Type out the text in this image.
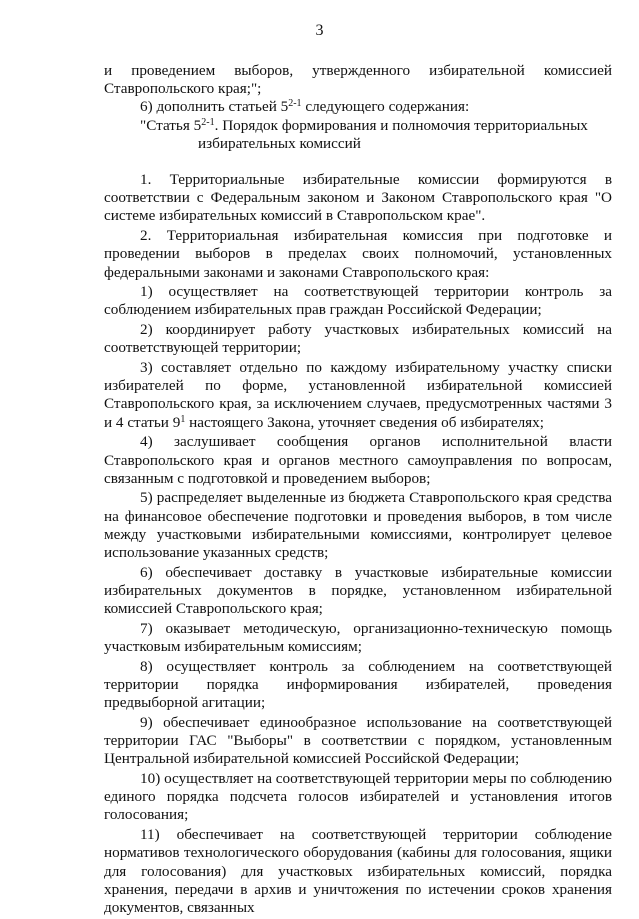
3

и проведением выборов, утвержденного избирательной комиссией Ставропольского края;";

6) дополнить статьей 5$^{2-1}$ следующего содержания:

"Статья 5$^{2-1}$. Порядок формирования и полномочия территориальных

избирательных комиссий

1. Территориальные избирательные комиссии формируются в соответствии с Федеральным законом и Законом Ставропольского края "О системе избирательных комиссий в Ставропольском крае".

2. Территориальная избирательная комиссия при подготовке и проведении выборов в пределах своих полномочий, установленных федеральными законами и законами Ставропольского края:

1) осуществляет на соответствующей территории контроль за соблюдением избирательных прав граждан Российской Федерации;

2) координирует работу участковых избирательных комиссий на соответствующей территории;

3) составляет отдельно по каждому избирательному участку списки избирателей по форме, установленной избирательной комиссией Ставропольского края, за исключением случаев, предусмотренных частями 3 и 4 статьи $9^1$ настоящего Закона, уточняет сведения об избирателях;

4) заслушивает сообщения органов исполнительной власти Ставропольского края и органов местного самоуправления по вопросам, связанным с подготовкой и проведением выборов;

5) распределяет выделенные из бюджета Ставропольского края средства на финансовое обеспечение подготовки и проведения выборов, в том числе между участковыми избирательными комиссиями, контролирует целевое использование указанных средств;

6) обеспечивает доставку в участковые избирательные комиссии избирательных документов в порядке, установленном избирательной комиссией Ставропольского края;

7) оказывает методическую, организационно-техническую помощь участковым избирательным комиссиям;

8) осуществляет контроль за соблюдением на соответствующей территории порядка информирования избирателей, проведения предвыборной агитации;

9) обеспечивает единообразное использование на соответствующей территории ГАС "Выборы" в соответствии с порядком, установленным Центральной избирательной комиссией Российской Федерации;

10) осуществляет на соответствующей территории меры по соблюдению единого порядка подсчета голосов избирателей и установления итогов голосования;

11) обеспечивает на соответствующей территории соблюдение нормативов технологического оборудования (кабины для голосования, ящики для голосования) для участковых избирательных комиссий, порядка хранения, передачи в архив и уничтожения по истечении сроков хранения документов, связанных
